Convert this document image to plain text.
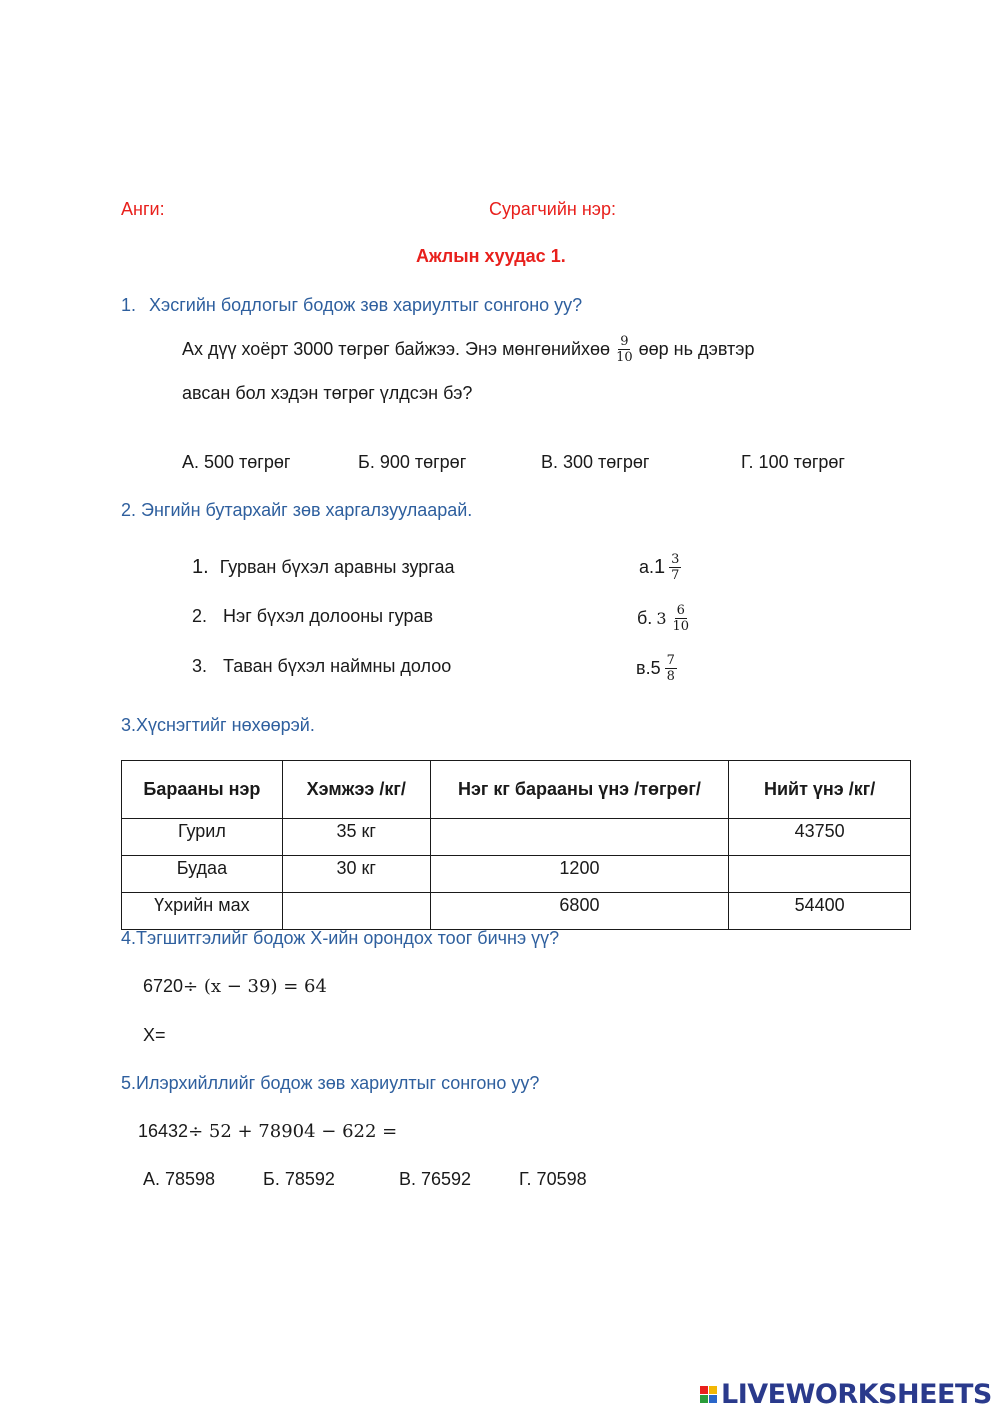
Анги:	Сурагчийн нэр:
Ажлын хуудас 1.
1. Хэсгийн бодлогыг бодож зөв хариултыг сонгоно уу?
Ах дүү хоёрт 3000 төгрөг байжээ. Энэ мөнгөнийхөө $\frac{9}{10}$ өөр нь дэвтэр
авсан бол хэдэн төгрөг үлдсэн бэ?
А. 500 төгрөг	Б. 900 төгрөг	В. 300 төгрөг	Г. 100 төгрөг
2. Энгийн бутархайг зөв харгалзуулаарай.
1. Гурван бүхэл аравны зургаа
2. Нэг бүхэл долооны гурав
3. Таван бүхэл наймны долоо
а. $1 \frac{3}{7}$
б. $3 \frac{6}{10}$
в. $5 \frac{7}{8}$
3.Хүснэгтийг нөхөөрэй.
Барааны нэр	Хэмжээ /кг/	Нэг кг барааны үнэ /төгрөг/	Нийт үнэ /кг/
Гурил	35 кг		43750
Будаа	30 кг	1200	
Үхрийн мах		6800	54400
4.Тэгшитгэлийг бодож Х-ийн орондох тоог бичнэ үү?
6720÷ (x − 39) = 64
X=
5.Илэрхийллийг бодож зөв хариултыг сонгоно уу?
16432÷ 52 + 78904 − 622 =
А. 78598	Б. 78592	В. 76592	Г. 70598
LIVEWORKSHEETS
